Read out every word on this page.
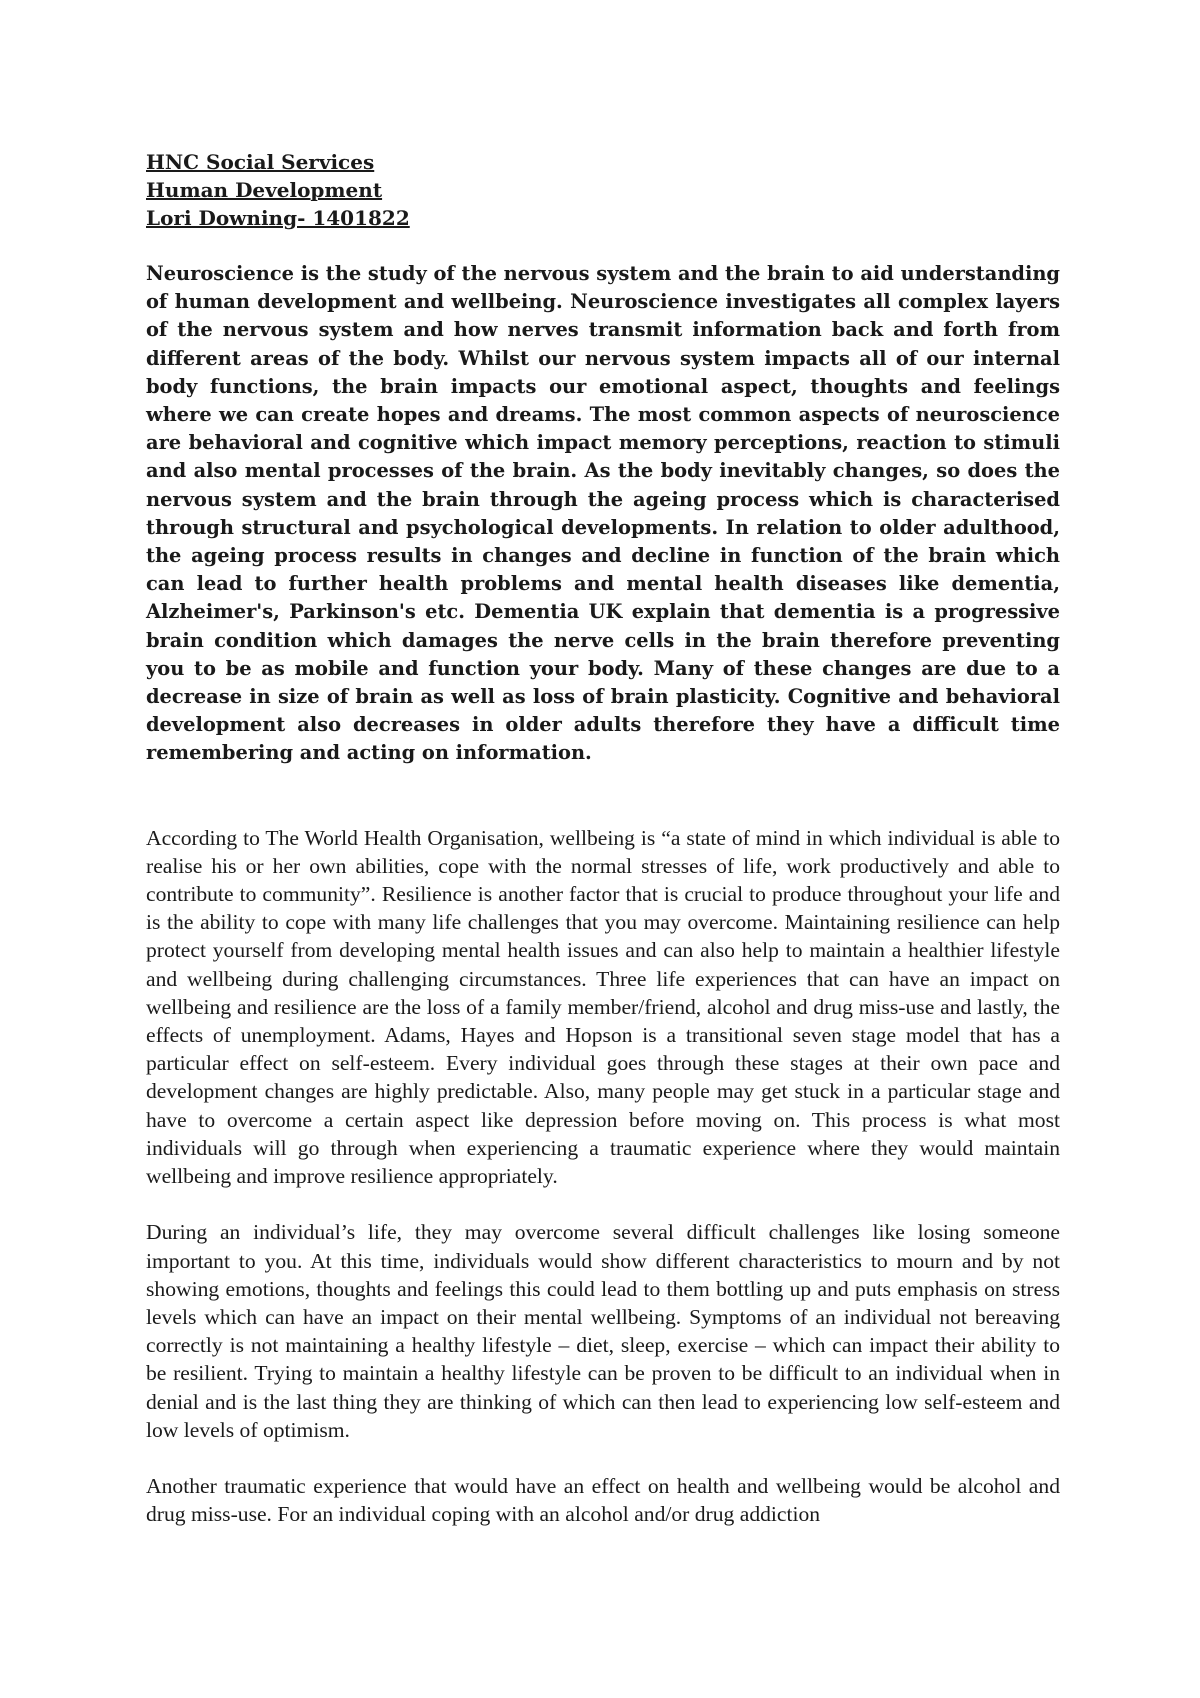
HNC Social Services

Human Development

Lori Downing- 1401822

Neuroscience is the study of the nervous system and the brain to aid understanding of human development and wellbeing. Neuroscience investigates all complex layers of the nervous system and how nerves transmit information back and forth from different areas of the body. Whilst our nervous system impacts all of our internal body functions, the brain impacts our emotional aspect, thoughts and feelings where we can create hopes and dreams. The most common aspects of neuroscience are behavioral and cognitive which impact memory perceptions, reaction to stimuli and also mental processes of the brain. As the body inevitably changes, so does the nervous system and the brain through the ageing process which is characterised through structural and psychological developments. In relation to older adulthood, the ageing process results in changes and decline in function of the brain which can lead to further health problems and mental health diseases like dementia, Alzheimer's, Parkinson's etc. Dementia UK explain that dementia is a progressive brain condition which damages the nerve cells in the brain therefore preventing you to be as mobile and function your body. Many of these changes are due to a decrease in size of brain as well as loss of brain plasticity. Cognitive and behavioral development also decreases in older adults therefore they have a difficult time remembering and acting on information.

According to The World Health Organisation, wellbeing is “a state of mind in which individual is able to realise his or her own abilities, cope with the normal stresses of life, work productively and able to contribute to community”. Resilience is another factor that is crucial to produce throughout your life and is the ability to cope with many life challenges that you may overcome. Maintaining resilience can help protect yourself from developing mental health issues and can also help to maintain a healthier lifestyle and wellbeing during challenging circumstances. Three life experiences that can have an impact on wellbeing and resilience are the loss of a family member/friend, alcohol and drug miss-use and lastly, the effects of unemployment. Adams, Hayes and Hopson is a transitional seven stage model that has a particular effect on self-esteem. Every individual goes through these stages at their own pace and development changes are highly predictable. Also, many people may get stuck in a particular stage and have to overcome a certain aspect like depression before moving on. This process is what most individuals will go through when experiencing a traumatic experience where they would maintain wellbeing and improve resilience appropriately.

During an individual’s life, they may overcome several difficult challenges like losing someone important to you. At this time, individuals would show different characteristics to mourn and by not showing emotions, thoughts and feelings this could lead to them bottling up and puts emphasis on stress levels which can have an impact on their mental wellbeing. Symptoms of an individual not bereaving correctly is not maintaining a healthy lifestyle – diet, sleep, exercise – which can impact their ability to be resilient. Trying to maintain a healthy lifestyle can be proven to be difficult to an individual when in denial and is the last thing they are thinking of which can then lead to experiencing low self-esteem and low levels of optimism.

Another traumatic experience that would have an effect on health and wellbeing would be alcohol and drug miss-use. For an individual coping with an alcohol and/or drug addiction
